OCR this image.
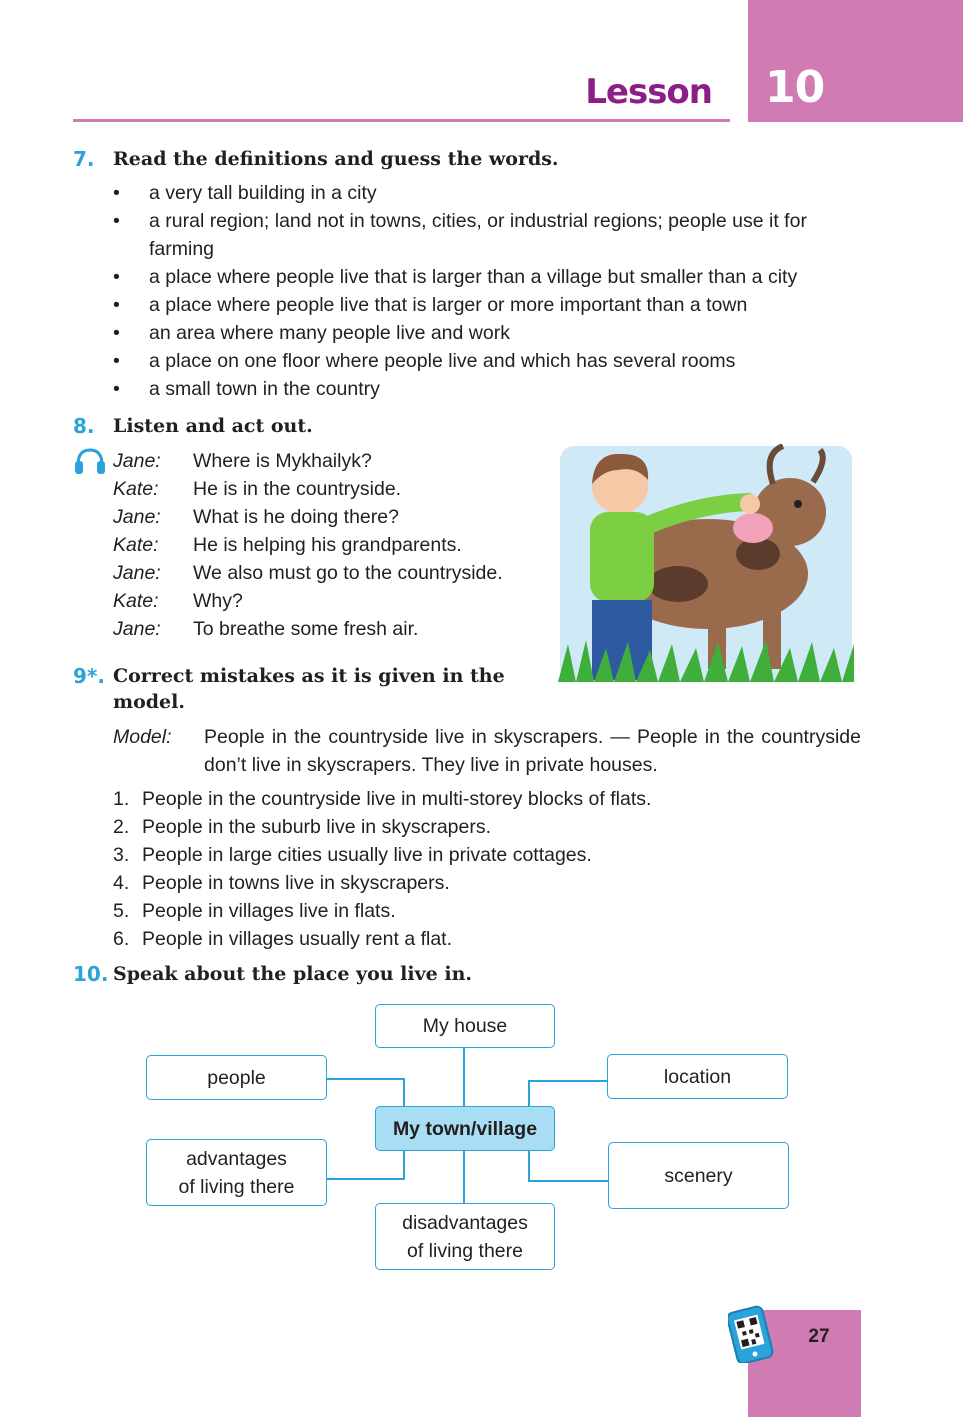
10
Lesson
7. Read the definitions and guess the words.
• a very tall building in a city
• a rural region; land not in towns, cities, or industrial regions; people use it for farming
• a place where people live that is larger than a village but smaller than a city
• a place where people live that is larger or more important than a town
• an area where many people live and work
• a place on one floor where people live and which has several rooms
• a small town in the country
8. Listen and act out.
Jane: Where is Mykhailyk?
Kate: He is in the countryside.
Jane: What is he doing there?
Kate: He is helping his grandparents.
Jane: We also must go to the countryside.
Kate: Why?
Jane: To breathe some fresh air.
9*. Correct mistakes as it is given in the
model.
Model: People in the countryside live in skyscrapers. — People in the countryside don’t live in skyscrapers. They live in private houses.
1. People in the countryside live in multi-storey blocks of flats.
2. People in the suburb live in skyscrapers.
3. People in large cities usually live in private cottages.
4. People in towns live in skyscrapers.
5. People in villages live in flats.
6. People in villages usually rent a flat.
10. Speak about the place you live in.
My house
people	location
My town/village
advantages
of living there	scenery
disadvantages
of living there
27
